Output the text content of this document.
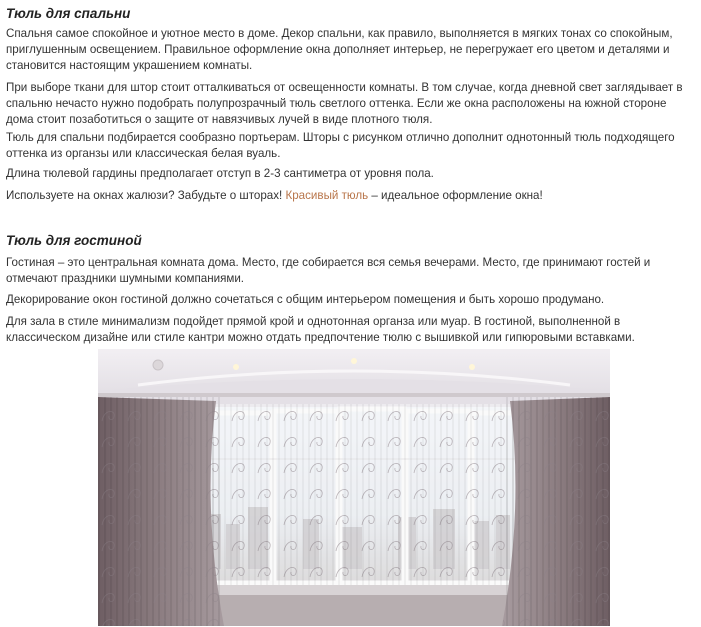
Тюль для спальни

Спальня самое спокойное и уютное место в доме. Декор спальни, как правило, выполняется в мягких тонах со спокойным, приглушенным освещением. Правильное оформление окна дополняет интерьер, не перегружает его цветом и деталями и становится настоящим украшением комнаты.

При выборе ткани для штор стоит отталкиваться от освещенности комнаты. В том случае, когда дневной свет заглядывает в спальню нечасто нужно подобрать полупрозрачный тюль светлого оттенка. Если же окна расположены на южной стороне дома стоит позаботиться о защите от навязчивых лучей в виде плотного тюля.

Тюль для спальни подбирается сообразно портьерам. Шторы с рисунком отлично дополнит однотонный тюль подходящего оттенка из органзы или классическая белая вуаль.

Длина тюлевой гардины предполагает отступ в 2-3 сантиметра от уровня пола.

Используете на окнах жалюзи? Забудьте о шторах! Красивый тюль – идеальное оформление окна!

Тюль для гостиной

Гостиная – это центральная комната дома. Место, где собирается вся семья вечерами. Место, где принимают гостей и отмечают праздники шумными компаниями.

Декорирование окон гостиной должно сочетаться с общим интерьером помещения и быть хорошо продумано.

Для зала в стиле минимализм подойдет прямой крой и однотонная органза или муар. В гостиной, выполненной в классическом дизайне или стиле кантри можно отдать предпочтение тюлю с вышивкой или гипюровыми вставками.
